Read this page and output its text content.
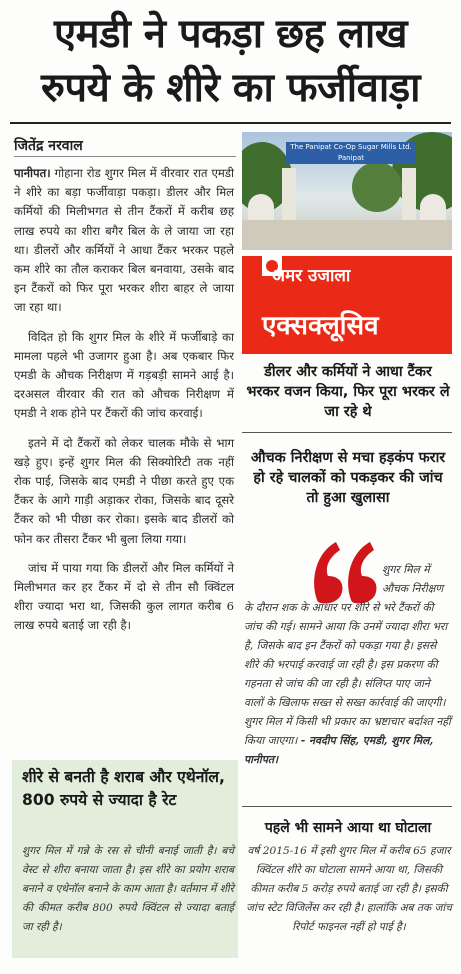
एमडी ने पकड़ा छह लाख
रुपये के शीरे का फर्जीवाड़ा
जितेंद्र नरवाल

पानीपत। गोहाना रोड शुगर मिल में वीरवार रात एमडी ने शीरे का बड़ा फर्जीवाड़ा पकड़ा। डीलर और मिल कर्मियों की मिलीभगत से तीन टैंकरों में करीब छह लाख रुपये का शीरा बगैर बिल के ले जाया जा रहा था। डीलरों और कर्मियों ने आधा टैंकर भरकर पहले कम शीरे का तौल कराकर बिल बनवाया, उसके बाद इन टैंकरों को फिर पूरा भरकर शीरा बाहर ले जाया जा रहा था।

विदित हो कि शुगर मिल के शीरे में फर्जीबाड़े का मामला पहले भी उजागर हुआ है। अब एकबार फिर एमडी के औचक निरीक्षण में गड़बड़ी सामने आई है। दरअसल वीरवार की रात को औचक निरीक्षण में एमडी ने शक होने पर टैंकरों की जांच करवाई।

इतने में दो टैंकरों को लेकर चालक मौके से भाग खड़े हुए। इन्हें शुगर मिल की सिक्योरिटी तक नहीं रोक पाई, जिसके बाद एमडी ने पीछा करते हुए एक टैंकर के आगे गाड़ी अड़ाकर रोका, जिसके बाद दूसरे टैंकर को भी पीछा कर रोका। इसके बाद डीलरों को फोन कर तीसरा टैंकर भी बुला लिया गया।

जांच में पाया गया कि डीलरों और मिल कर्मियों ने मिलीभगत कर हर टैंकर में दो से तीन सौ क्विंटल शीरा ज्यादा भरा था, जिसकी कुल लागत करीब 6 लाख रुपये बताई जा रही है।

The Panipat Co-Op Sugar Mills Ltd.
Panipat
अमर उजाला
एक्सक्लूसिव
डीलर और कर्मियों ने आधा टैंकर भरकर वजन किया, फिर पूरा भरकर ले जा रहे थे
औचक निरीक्षण से मचा हड़कंप फरार हो रहे चालकों को पकड़कर की जांच तो हुआ खुलासा
शुगर मिल में औचक निरीक्षण
के दौरान शक के आधार पर शीरे से भरे टैंकरों की जांच की गई। सामने आया कि उनमें ज्यादा शीरा भरा है, जिसके बाद इन टैंकरों को पकड़ा गया है। इससे शीरे की भरपाई करवाई जा रही है। इस प्रकरण की गहनता से जांच की जा रही है। संलिप्त पाए जाने वालों के खिलाफ सख्त से सख्त कार्रवाई की जाएगी। शुगर मिल में किसी भी प्रकार का भ्रष्टाचार बर्दाश्त नहीं किया जाएगा। - नवदीप सिंह, एमडी, शुगर मिल, पानीपत।
शीरे से बनती है शराब और एथेनॉल, 800 रुपये से ज्यादा है रेट
शुगर मिल में गन्ने के रस से चीनी बनाई जाती है। बचे वेस्ट से शीरा बनाया जाता है। इस शीरे का प्रयोग शराब बनाने व एथेनॉल बनाने के काम आता है। वर्तमान में शीरे की कीमत करीब 800 रुपये क्विंटल से ज्यादा बताई जा रही है।
पहले भी सामने आया था घोटाला
वर्ष 2015-16 में इसी शुगर मिल में करीब 65 हजार क्विंटल शीरे का घोटाला सामने आया था, जिसकी कीमत करीब 5 करोड़ रुपये बताई जा रही है। इसकी जांच स्टेट विजिलेंस कर रही है। हालांकि अब तक जांच रिपोर्ट फाइनल नहीं हो पाई है।
